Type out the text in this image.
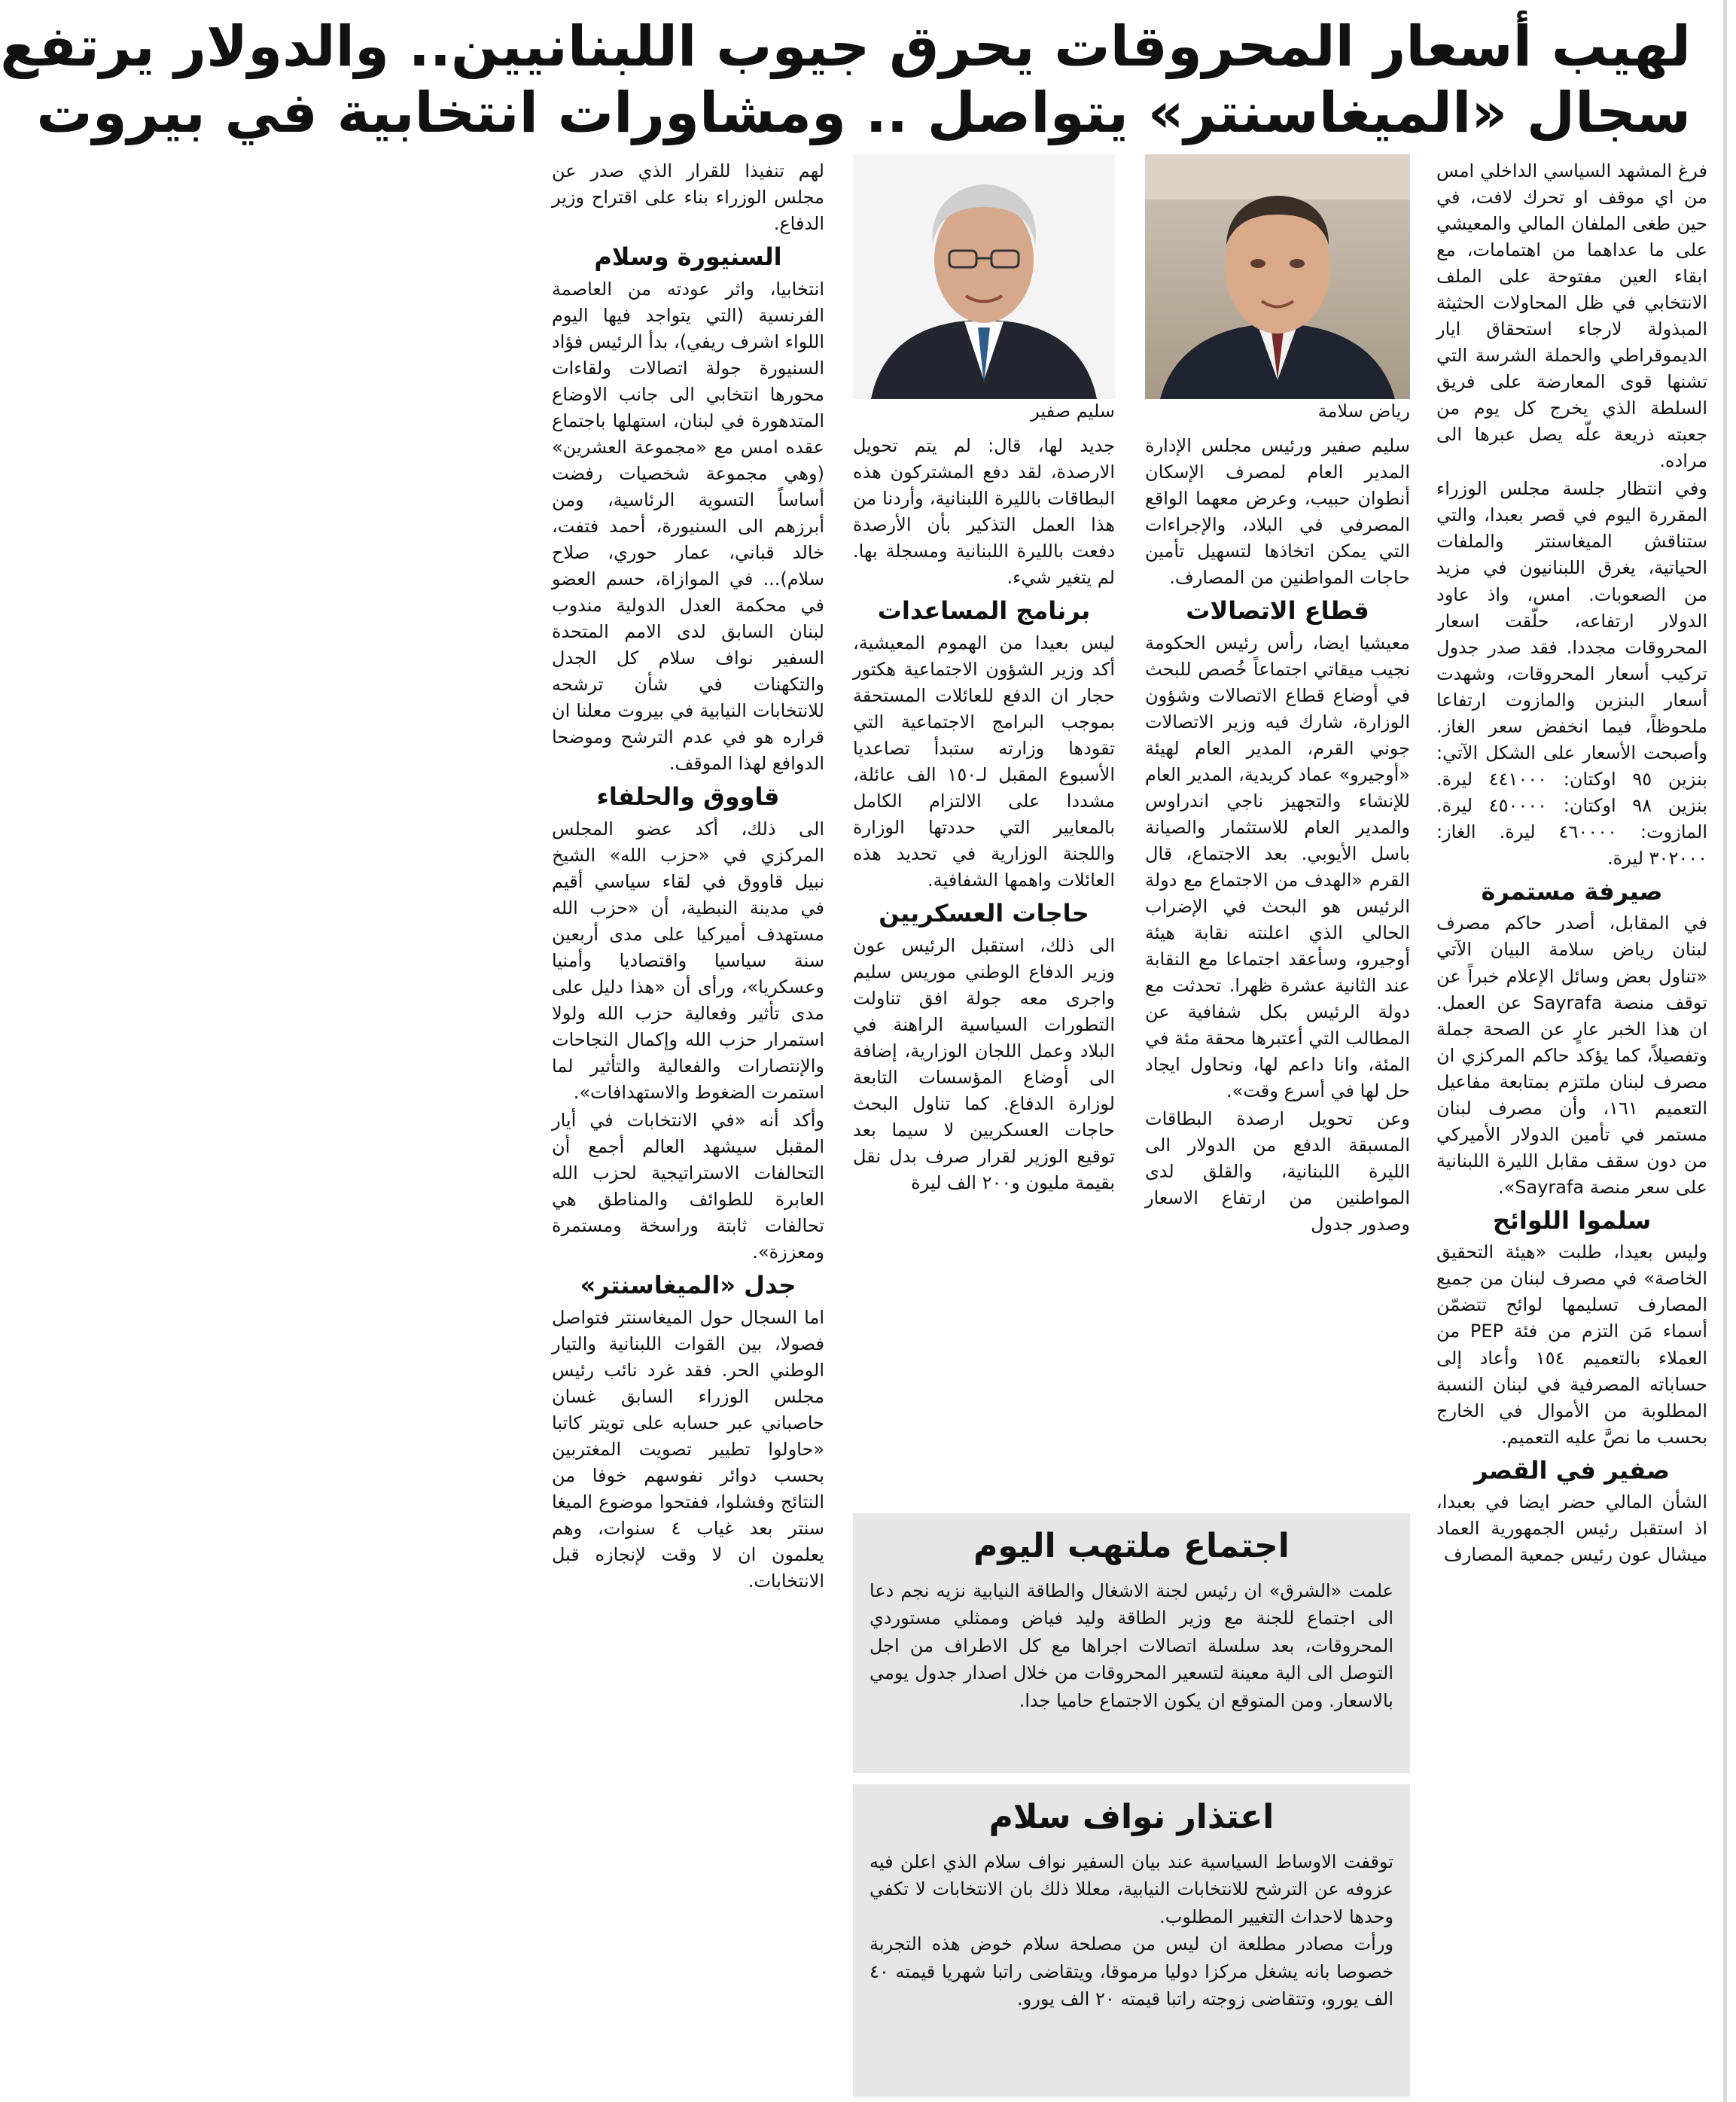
لهيب أسعار المحروقات يحرق جيوب اللبنانيين.. والدولار يرتفع
سجال «الميغاسنتر» يتواصل .. ومشاورات انتخابية في بيروت
رياض سلامة
سليم صفير

فرغ المشهد السياسي الداخلي امس من اي موقف او تحرك لافت، في حين طغى الملفان المالي والمعيشي على ما عداهما من اهتمامات، مع ابقاء العين مفتوحة على الملف الانتخابي في ظل المحاولات الحثيثة المبذولة لارجاء استحقاق ايار الديموقراطي والحملة الشرسة التي تشنها قوى المعارضة على فريق السلطة الذي يخرج كل يوم من جعبته ذريعة علّه يصل عبرها الى مراده.

وفي انتظار جلسة مجلس الوزراء المقررة اليوم في قصر بعبدا، والتي ستناقش الميغاسنتر والملفات الحياتية، يغرق اللبنانيون في مزيد من الصعوبات. امس، واذ عاود الدولار ارتفاعه، حلّقت اسعار المحروقات مجددا. فقد صدر جدول تركيب أسعار المحروقات، وشهدت أسعار البنزين والمازوت ارتفاعا ملحوظاً، فيما انخفض سعر الغاز. وأصبحت الأسعار على الشكل الآتي: بنزين ٩٥ اوكتان: ٤٤١٠٠٠ ليرة. بنزين ٩٨ اوكتان: ٤٥٠٠٠٠ ليرة. المازوت: ٤٦٠٠٠٠ ليرة. الغاز: ٣٠٢٠٠٠ ليرة.

صيرفة مستمرة

في المقابل، أصدر حاكم مصرف لبنان رياض سلامة البيان الآتي «تناول بعض وسائل الإعلام خبراً عن توقف منصة Sayrafa عن العمل. ان هذا الخبر عارٍ عن الصحة جملة وتفصيلاً، كما يؤكد حاكم المركزي ان مصرف لبنان ملتزم بمتابعة مفاعيل التعميم ١٦١، وأن مصرف لبنان مستمر في تأمين الدولار الأميركي من دون سقف مقابل الليرة اللبنانية على سعر منصة Sayrafa».

سلموا اللوائح

وليس بعيدا، طلبت «هيئة التحقيق الخاصة» في مصرف لبنان من جميع المصارف تسليمها لوائح تتضمّن أسماء مَن التزم من فئة PEP من العملاء بالتعميم ١٥٤ وأعاد إلى حساباته المصرفية في لبنان النسبة المطلوبة من الأموال في الخارج بحسب ما نصَّ عليه التعميم.

صفير في القصر

الشأن المالي حضر ايضا في بعبدا، اذ استقبل رئيس الجمهورية العماد ميشال عون رئيس جمعية المصارف

سليم صفير ورئيس مجلس الإدارة المدير العام لمصرف الإسكان أنطوان حبيب، وعرض معهما الواقع المصرفي في البلاد، والإجراءات التي يمكن اتخاذها لتسهيل تأمين حاجات المواطنين من المصارف.

قطاع الاتصالات

معيشيا ايضا، رأس رئيس الحكومة نجيب ميقاتي اجتماعاً خُصص للبحث في أوضاع قطاع الاتصالات وشؤون الوزارة، شارك فيه وزير الاتصالات جوني القرم، المدير العام لهيئة «أوجيرو» عماد كريدية، المدير العام للإنشاء والتجهيز ناجي اندراوس والمدير العام للاستثمار والصيانة باسل الأيوبي. بعد الاجتماع، قال القرم «الهدف من الاجتماع مع دولة الرئيس هو البحث في الإضراب الحالي الذي اعلنته نقابة هيئة أوجيرو، وسأعقد اجتماعا مع النقابة عند الثانية عشرة ظهرا. تحدثت مع دولة الرئيس بكل شفافية عن المطالب التي أعتبرها محقة مئة في المئة، وانا داعم لها، ونحاول ايجاد حل لها في أسرع وقت».

وعن تحويل ارصدة البطاقات المسبقة الدفع من الدولار الى الليرة اللبنانية، والقلق لدى المواطنين من ارتفاع الاسعار وصدور جدول

جديد لها، قال: لم يتم تحويل الارصدة، لقد دفع المشتركون هذه البطاقات بالليرة اللبنانية، وأردنا من هذا العمل التذكير بأن الأرصدة دفعت بالليرة اللبنانية ومسجلة بها. لم يتغير شيء.

برنامج المساعدات

ليس بعيدا من الهموم المعيشية، أكد وزير الشؤون الاجتماعية هكتور حجار ان الدفع للعائلات المستحقة بموجب البرامج الاجتماعية التي تقودها وزارته ستبدأ تصاعديا الأسبوع المقبل لـ١٥٠ الف عائلة، مشددا على الالتزام الكامل بالمعايير التي حددتها الوزارة واللجنة الوزارية في تحديد هذه العائلات واهمها الشفافية.

حاجات العسكريين

الى ذلك، استقبل الرئيس عون وزير الدفاع الوطني موريس سليم واجرى معه جولة افق تناولت التطورات السياسية الراهنة في البلاد وعمل اللجان الوزارية، إضافة الى أوضاع المؤسسات التابعة لوزارة الدفاع. كما تناول البحث حاجات العسكريين لا سيما بعد توقيع الوزير لقرار صرف بدل نقل بقيمة مليون و٢٠٠ الف ليرة

لهم تنفيذا للقرار الذي صدر عن مجلس الوزراء بناء على اقتراح وزير الدفاع.

السنيورة وسلام

انتخابيا، واثر عودته من العاصمة الفرنسية (التي يتواجد فيها اليوم اللواء اشرف ريفي)، بدأ الرئيس فؤاد السنيورة جولة اتصالات ولقاءات محورها انتخابي الى جانب الاوضاع المتدهورة في لبنان، استهلها باجتماع عقده امس مع «مجموعة العشرين» (وهي مجموعة شخصيات رفضت أساساً التسوية الرئاسية، ومن أبرزهم الى السنيورة، أحمد فتفت، خالد قباني، عمار حوري، صلاح سلام)... في الموازاة، حسم العضو في محكمة العدل الدولية مندوب لبنان السابق لدى الامم المتحدة السفير نواف سلام كل الجدل والتكهنات في شأن ترشحه للانتخابات النيابية في بيروت معلنا ان قراره هو في عدم الترشح وموضحا الدوافع لهذا الموقف.

قاووق والحلفاء

الى ذلك، أكد عضو المجلس المركزي في «حزب الله» الشيخ نبيل قاووق في لقاء سياسي أقيم في مدينة النبطية، أن «حزب الله مستهدف أميركيا على مدى أربعين سنة سياسيا واقتصاديا وأمنيا وعسكريا»، ورأى أن «هذا دليل على مدى تأثير وفعالية حزب الله ولولا استمرار حزب الله وإكمال النجاحات والإنتصارات والفعالية والتأثير لما استمرت الضغوط والاستهدافات».

وأكد أنه «في الانتخابات في أيار المقبل سيشهد العالم أجمع أن التحالفات الاستراتيجية لحزب الله العابرة للطوائف والمناطق هي تحالفات ثابتة وراسخة ومستمرة ومعززة».

جدل «الميغاسنتر»

اما السجال حول الميغاسنتر فتواصل فصولا، بين القوات اللبنانية والتيار الوطني الحر. فقد غرد نائب رئيس مجلس الوزراء السابق غسان حاصباني عبر حسابه على تويتر كاتبا «حاولوا تطيير تصويت المغتربين بحسب دوائر نفوسهم خوفا من النتائج وفشلوا، ففتحوا موضوع الميغا سنتر بعد غياب ٤ سنوات، وهم يعلمون ان لا وقت لإنجازه قبل الانتخابات.

اجتماع ملتهب اليوم
علمت «الشرق» ان رئيس لجنة الاشغال والطاقة النيابية نزيه نجم دعا الى اجتماع للجنة مع وزير الطاقة وليد فياض وممثلي مستوردي المحروقات، بعد سلسلة اتصالات اجراها مع كل الاطراف من اجل التوصل الى الية معينة لتسعير المحروقات من خلال اصدار جدول يومي بالاسعار. ومن المتوقع ان يكون الاجتماع حاميا جدا.
اعتذار نواف سلام
توقفت الاوساط السياسية عند بيان السفير نواف سلام الذي اعلن فيه عزوفه عن الترشح للانتخابات النيابية، معللا ذلك بان الانتخابات لا تكفي وحدها لاحداث التغيير المطلوب.
ورأت مصادر مطلعة ان ليس من مصلحة سلام خوض هذه التجربة خصوصا بانه يشغل مركزا دوليا مرموقا، ويتقاضى راتبا شهريا قيمته ٤٠ الف يورو، وتتقاضى زوجته راتبا قيمته ٢٠ الف يورو.
